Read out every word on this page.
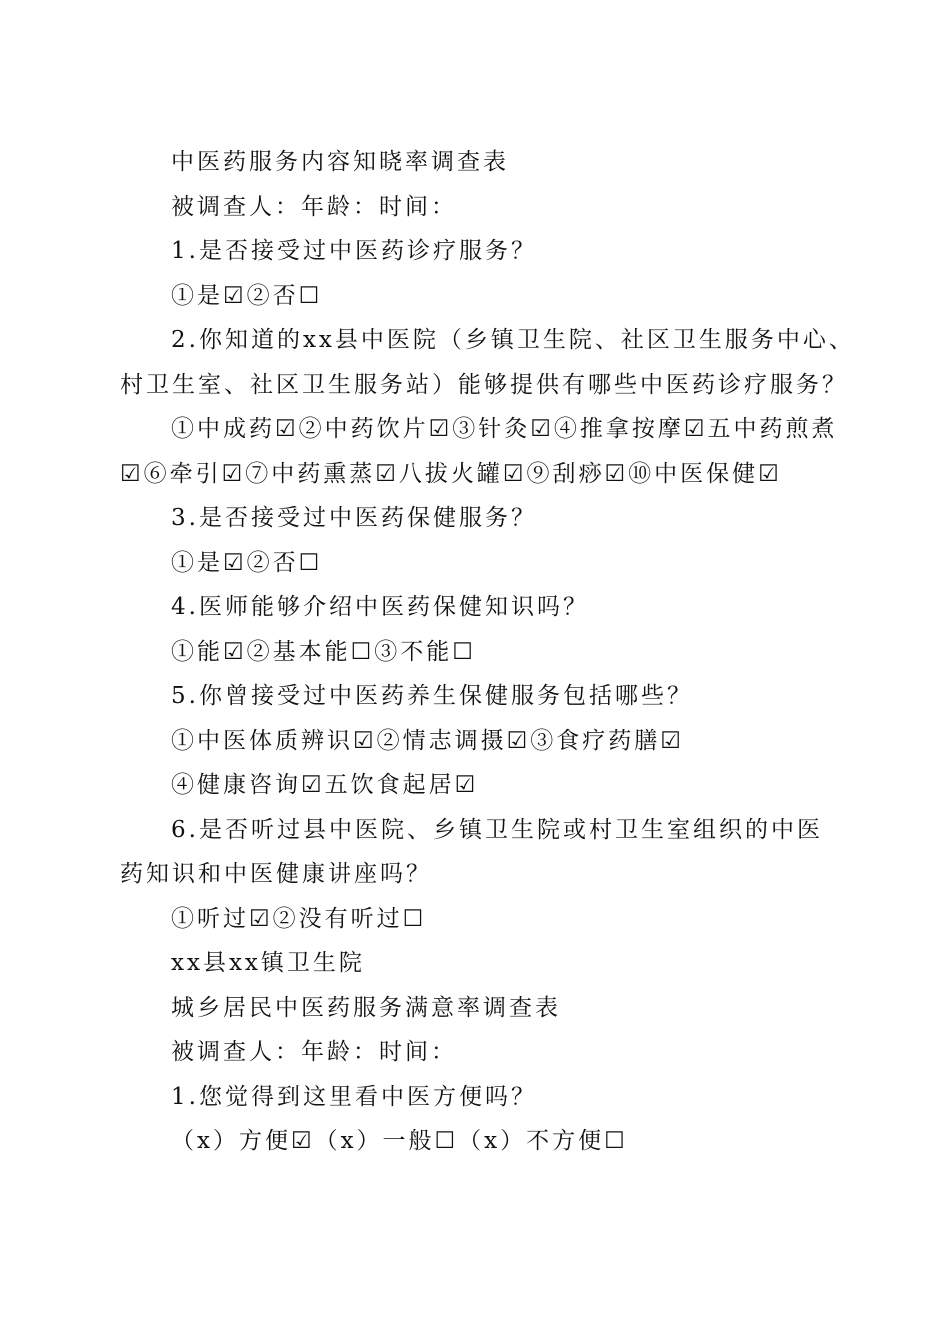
中医药服务内容知晓率调查表

被调查人：年龄：时间：

1.是否接受过中医药诊疗服务？

①是☑②否☐

2.你知道的xx县中医院（乡镇卫生院、社区卫生服务中心、

村卫生室、社区卫生服务站）能够提供有哪些中医药诊疗服务？

①中成药☑②中药饮片☑③针灸☑④推拿按摩☑五中药煎煮

☑⑥牵引☑⑦中药熏蒸☑八拔火罐☑⑨刮痧☑⑩中医保健☑

3.是否接受过中医药保健服务？

①是☑②否☐

4.医师能够介绍中医药保健知识吗？

①能☑②基本能☐③不能☐

5.你曾接受过中医药养生保健服务包括哪些？

①中医体质辨识☑②情志调摄☑③食疗药膳☑

④健康咨询☑五饮食起居☑

6.是否听过县中医院、乡镇卫生院或村卫生室组织的中医

药知识和中医健康讲座吗？

①听过☑②没有听过☐

xx县xx镇卫生院

城乡居民中医药服务满意率调查表

被调查人：年龄：时间：

1.您觉得到这里看中医方便吗？

（x）方便☑（x）一般☐（x）不方便☐
